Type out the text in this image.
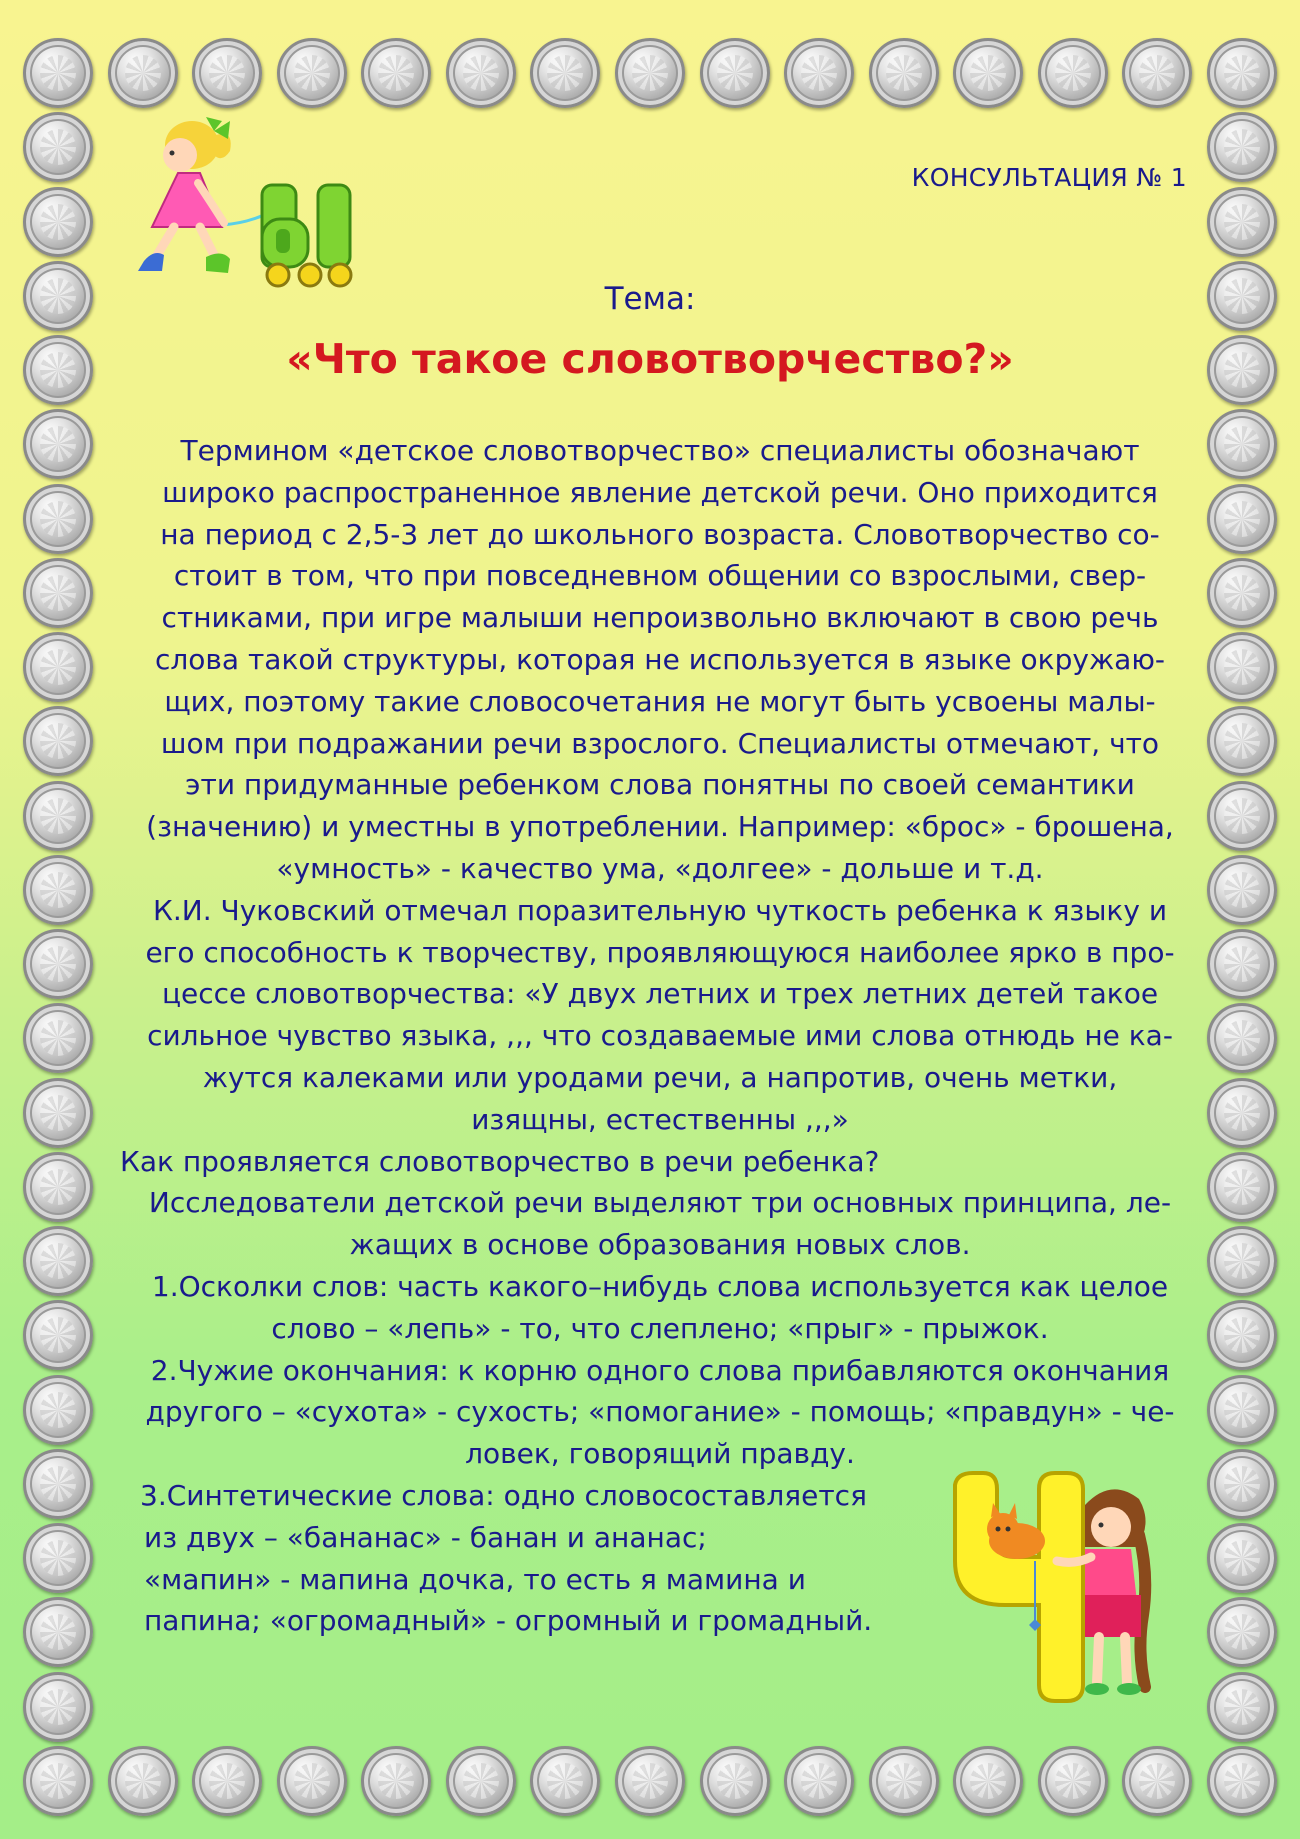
КОНСУЛЬТАЦИЯ № 1
Тема:
«Что такое словотворчество?»
Термином «детское словотворчество» специалисты обозначают
широко распространенное явление детской речи. Оно приходится
на период с 2,5-3 лет до школьного возраста. Словотворчество со-
стоит в том, что при повседневном общении со взрослыми, свер-
стниками, при игре малыши непроизвольно включают в свою речь
слова такой структуры, которая не используется в языке окружаю-
щих, поэтому такие словосочетания не могут быть усвоены малы-
шом при подражании речи взрослого. Специалисты отмечают, что
эти придуманные ребенком слова понятны по своей семантики
(значению) и уместны в употреблении. Например: «брос» - брошена,
«умность» - качество ума, «долгее» - дольше и т.д.
К.И. Чуковский отмечал поразительную чуткость ребенка к языку и
его способность к творчеству, проявляющуюся наиболее ярко в про-
цессе словотворчества: «У двух летних и трех летних детей такое
сильное чувство языка, ,,, что создаваемые ими слова отнюдь не ка-
жутся калеками или уродами речи, а напротив, очень метки,
изящны, естественны ,,,»
Как проявляется словотворчество в речи ребенка?
Исследователи детской речи выделяют три основных принципа, ле-
жащих в основе образования новых слов.
1.Осколки слов: часть какого–нибудь слова используется как целое
слово – «лепь» - то, что слеплено; «прыг» - прыжок.
2.Чужие окончания: к корню одного слова прибавляются окончания
другого – «сухота» - сухость; «помогание» - помощь; «правдун» - че-
ловек, говорящий правду.
3.Синтетические слова: одно словосоставляется
из двух – «бананас» - банан и ананас;
«мапин» - мапина дочка, то есть я мамина и
папина; «огромадный» - огромный и громадный.
